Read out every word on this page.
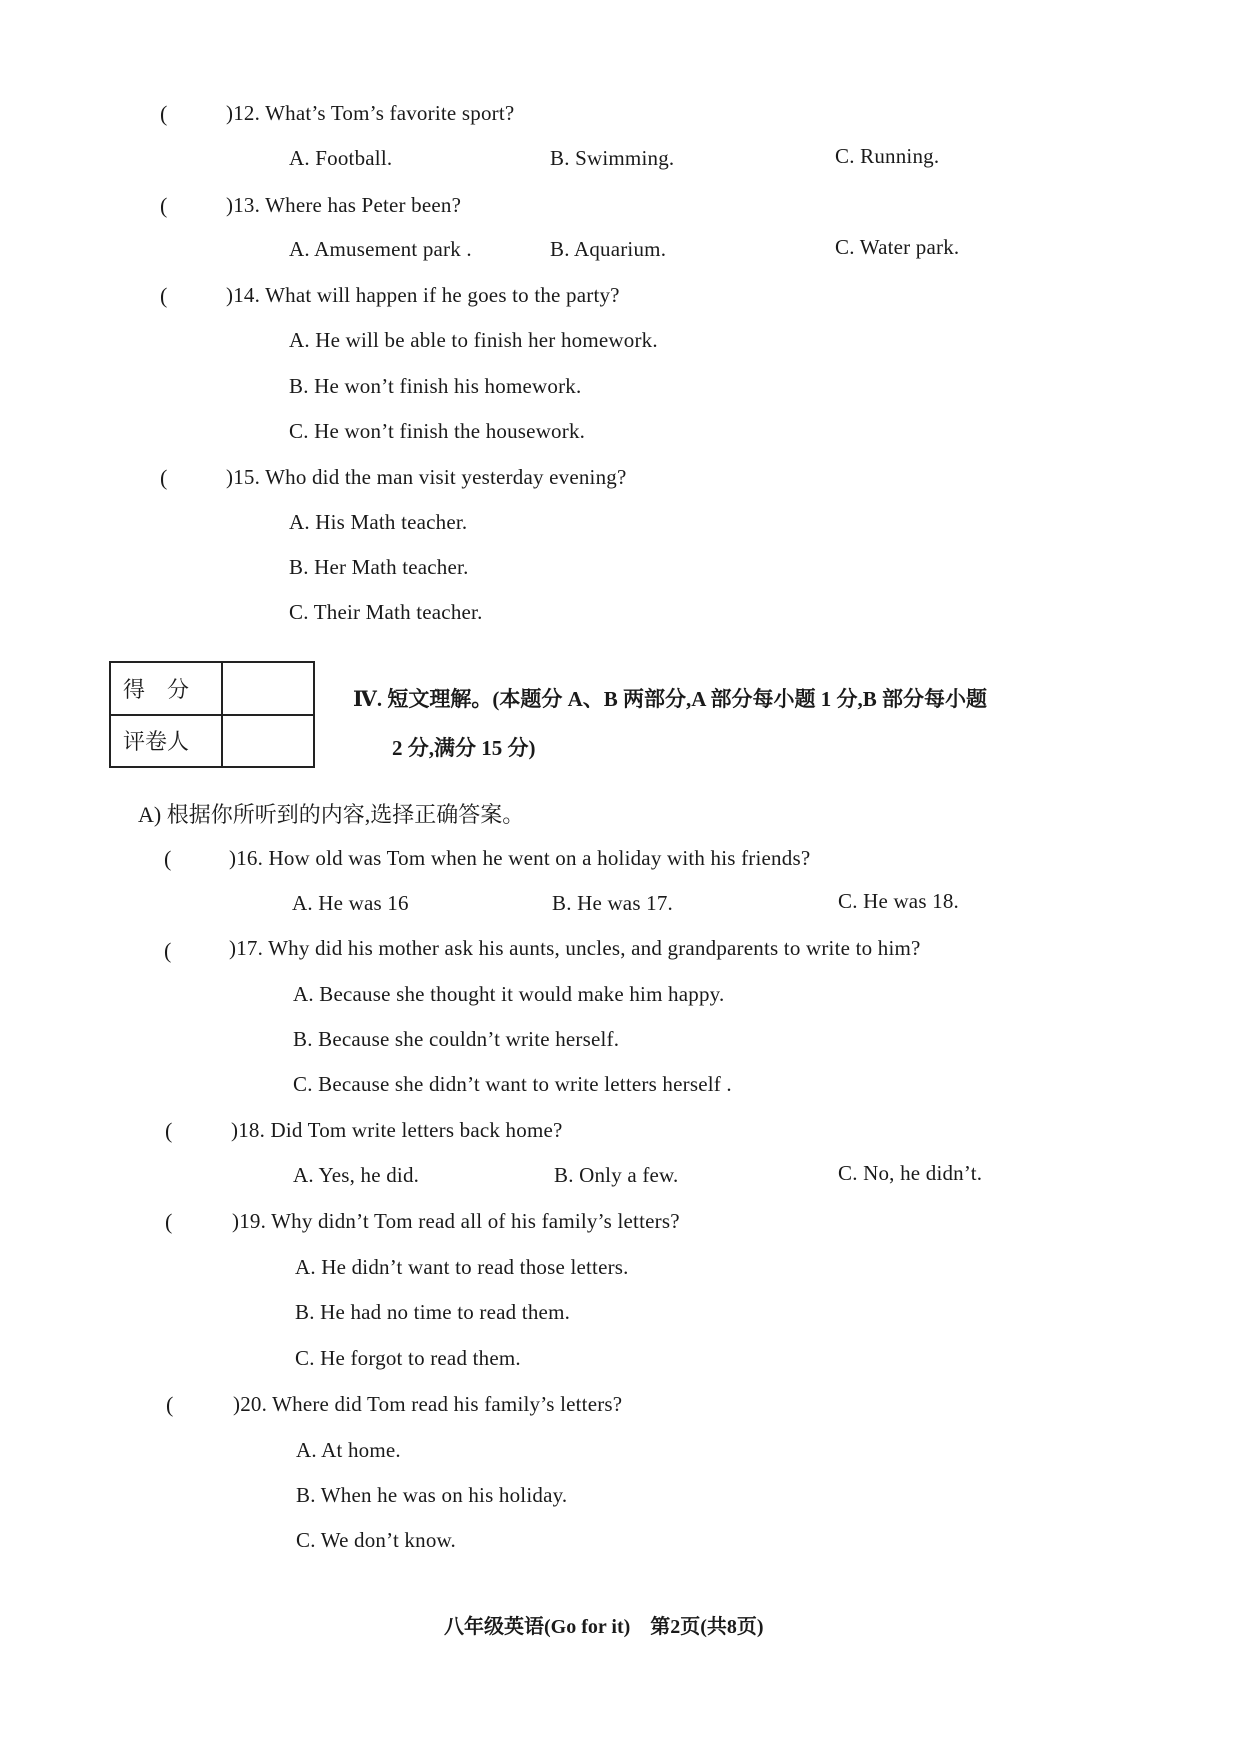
(	)12. What’s Tom’s favorite sport?
A. Football.	B. Swimming.	C. Running.
(	)13. Where has Peter been?
A. Amusement park .	B. Aquarium.	C. Water park.
(	)14. What will happen if he goes to the party?
A. He will be able to finish her homework.
B. He won’t finish his homework.
C. He won’t finish the housework.
(	)15. Who did the man visit yesterday evening?
A. His Math teacher.
B. Her Math teacher.
C. Their Math teacher.
得　分	
评卷人	
Ⅳ. 短文理解。(本题分 A、B 两部分,A 部分每小题 1 分,B 部分每小题
2 分,满分 15 分)
A) 根据你所听到的内容,选择正确答案。
(	)16. How old was Tom when he went on a holiday with his friends?
A. He was 16	B. He was 17.	C. He was 18.
(	)17. Why did his mother ask his aunts, uncles, and grandparents to write to him?
A. Because she thought it would make him happy.
B. Because she couldn’t write herself.
C. Because she didn’t want to write letters herself .
(	)18. Did Tom write letters back home?
A. Yes, he did.	B. Only a few.	C. No, he didn’t.
(	)19. Why didn’t Tom read all of his family’s letters?
A. He didn’t want to read those letters.
B. He had no time to read them.
C. He forgot to read them.
(	)20. Where did Tom read his family’s letters?
A. At home.
B. When he was on his holiday.
C. We don’t know.
八年级英语(Go for it)　第2页(共8页)
